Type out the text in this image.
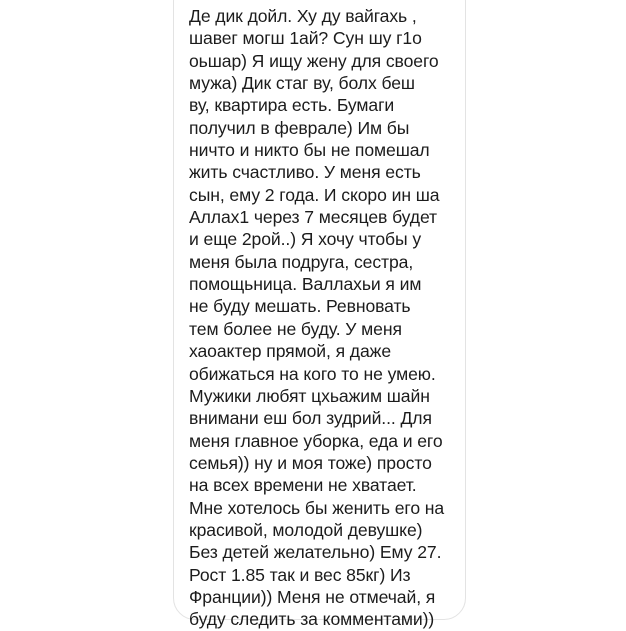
Де дик дойл. Ху ду вайгахь ,
шавег могш 1ай? Сун шу г1о
оьшар) Я ищу жену для своего
мужа) Дик стаг ву, болх беш
ву, квартира есть. Бумаги
получил в феврале) Им бы
ничто и никто бы не помешал
жить счастливо. У меня есть
сын, ему 2 года. И скоро ин ша
Аллах1 через 7 месяцев будет
и еще 2рой..) Я хочу чтобы у
меня была подруга, сестра,
помощьница. Валлахьи я им
не буду мешать. Ревновать
тем более не буду. У меня
хаоактер прямой, я даже
обижаться на кого то не умею.
Мужики любят цхьажим шайн
внимани еш бол зудрий... Для
меня главное уборка, еда и его
семья)) ну и моя тоже) просто
на всех времени не хватает.
Мне хотелось бы женить его на
красивой, молодой девушке)
Без детей желательно) Ему 27.
Рост 1.85 так и вес 85кг) Из
Франции)) Меня не отмечай, я
буду следить за комментами))
